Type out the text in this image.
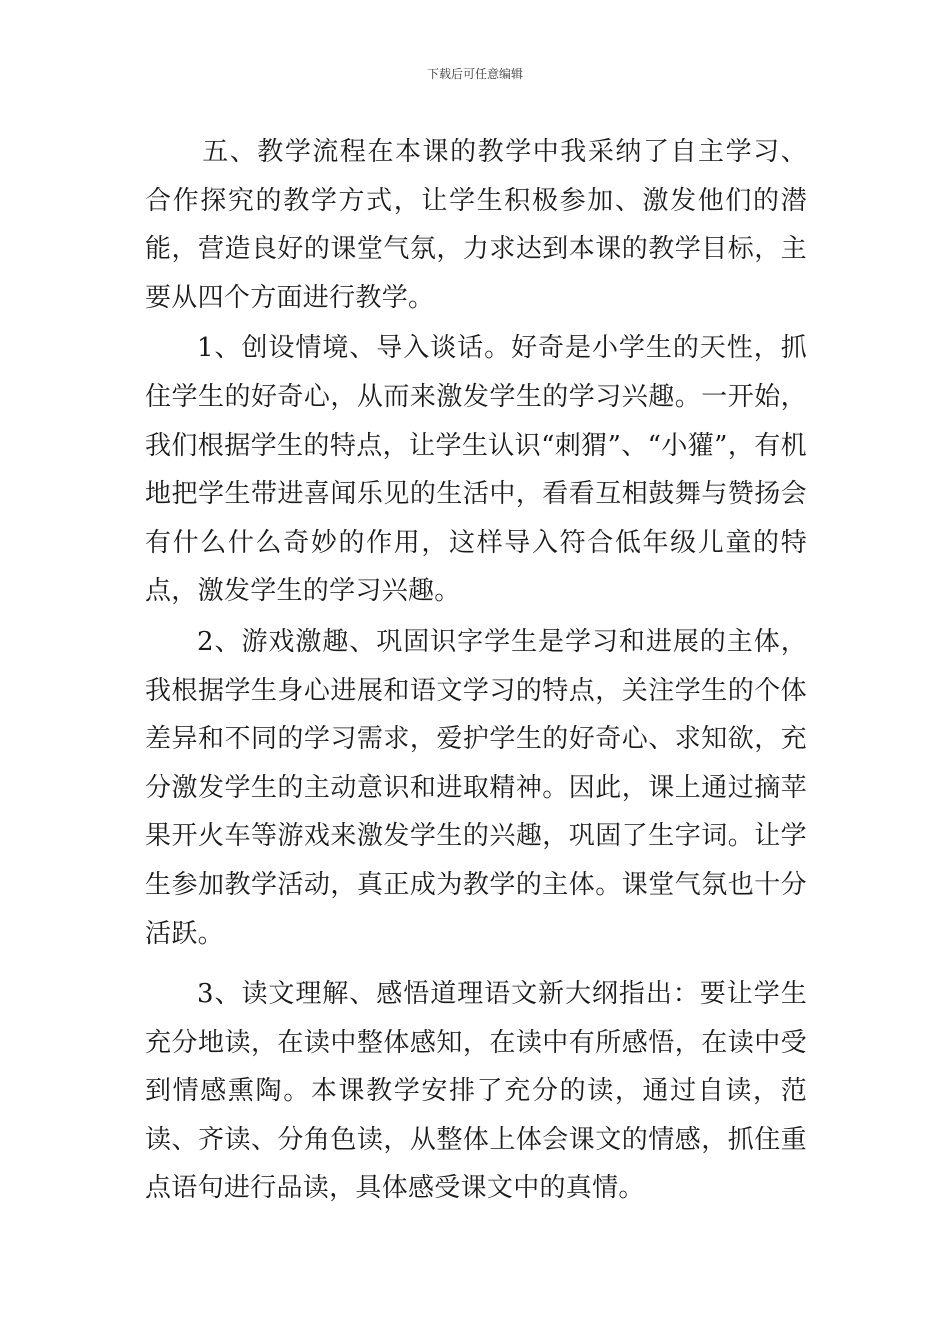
下载后可任意编辑

五、教学流程在本课的教学中我采纳了自主学习、合作探究的教学方式，让学生积极参加、激发他们的潜能，营造良好的课堂气氛，力求达到本课的教学目标，主要从四个方面进行教学。

1、创设情境、导入谈话。好奇是小学生的天性，抓住学生的好奇心，从而来激发学生的学习兴趣。一开始，我们根据学生的特点，让学生认识“刺猬”、“小獾”，有机地把学生带进喜闻乐见的生活中，看看互相鼓舞与赞扬会有什么什么奇妙的作用，这样导入符合低年级儿童的特点，激发学生的学习兴趣。

2、游戏激趣、巩固识字学生是学习和进展的主体，我根据学生身心进展和语文学习的特点，关注学生的个体差异和不同的学习需求，爱护学生的好奇心、求知欲，充分激发学生的主动意识和进取精神。因此，课上通过摘苹果开火车等游戏来激发学生的兴趣，巩固了生字词。让学生参加教学活动，真正成为教学的主体。课堂气氛也十分活跃。

3、读文理解、感悟道理语文新大纲指出：要让学生充分地读，在读中整体感知，在读中有所感悟，在读中受到情感熏陶。本课教学安排了充分的读，通过自读，范读、齐读、分角色读，从整体上体会课文的情感，抓住重点语句进行品读，具体感受课文中的真情。
